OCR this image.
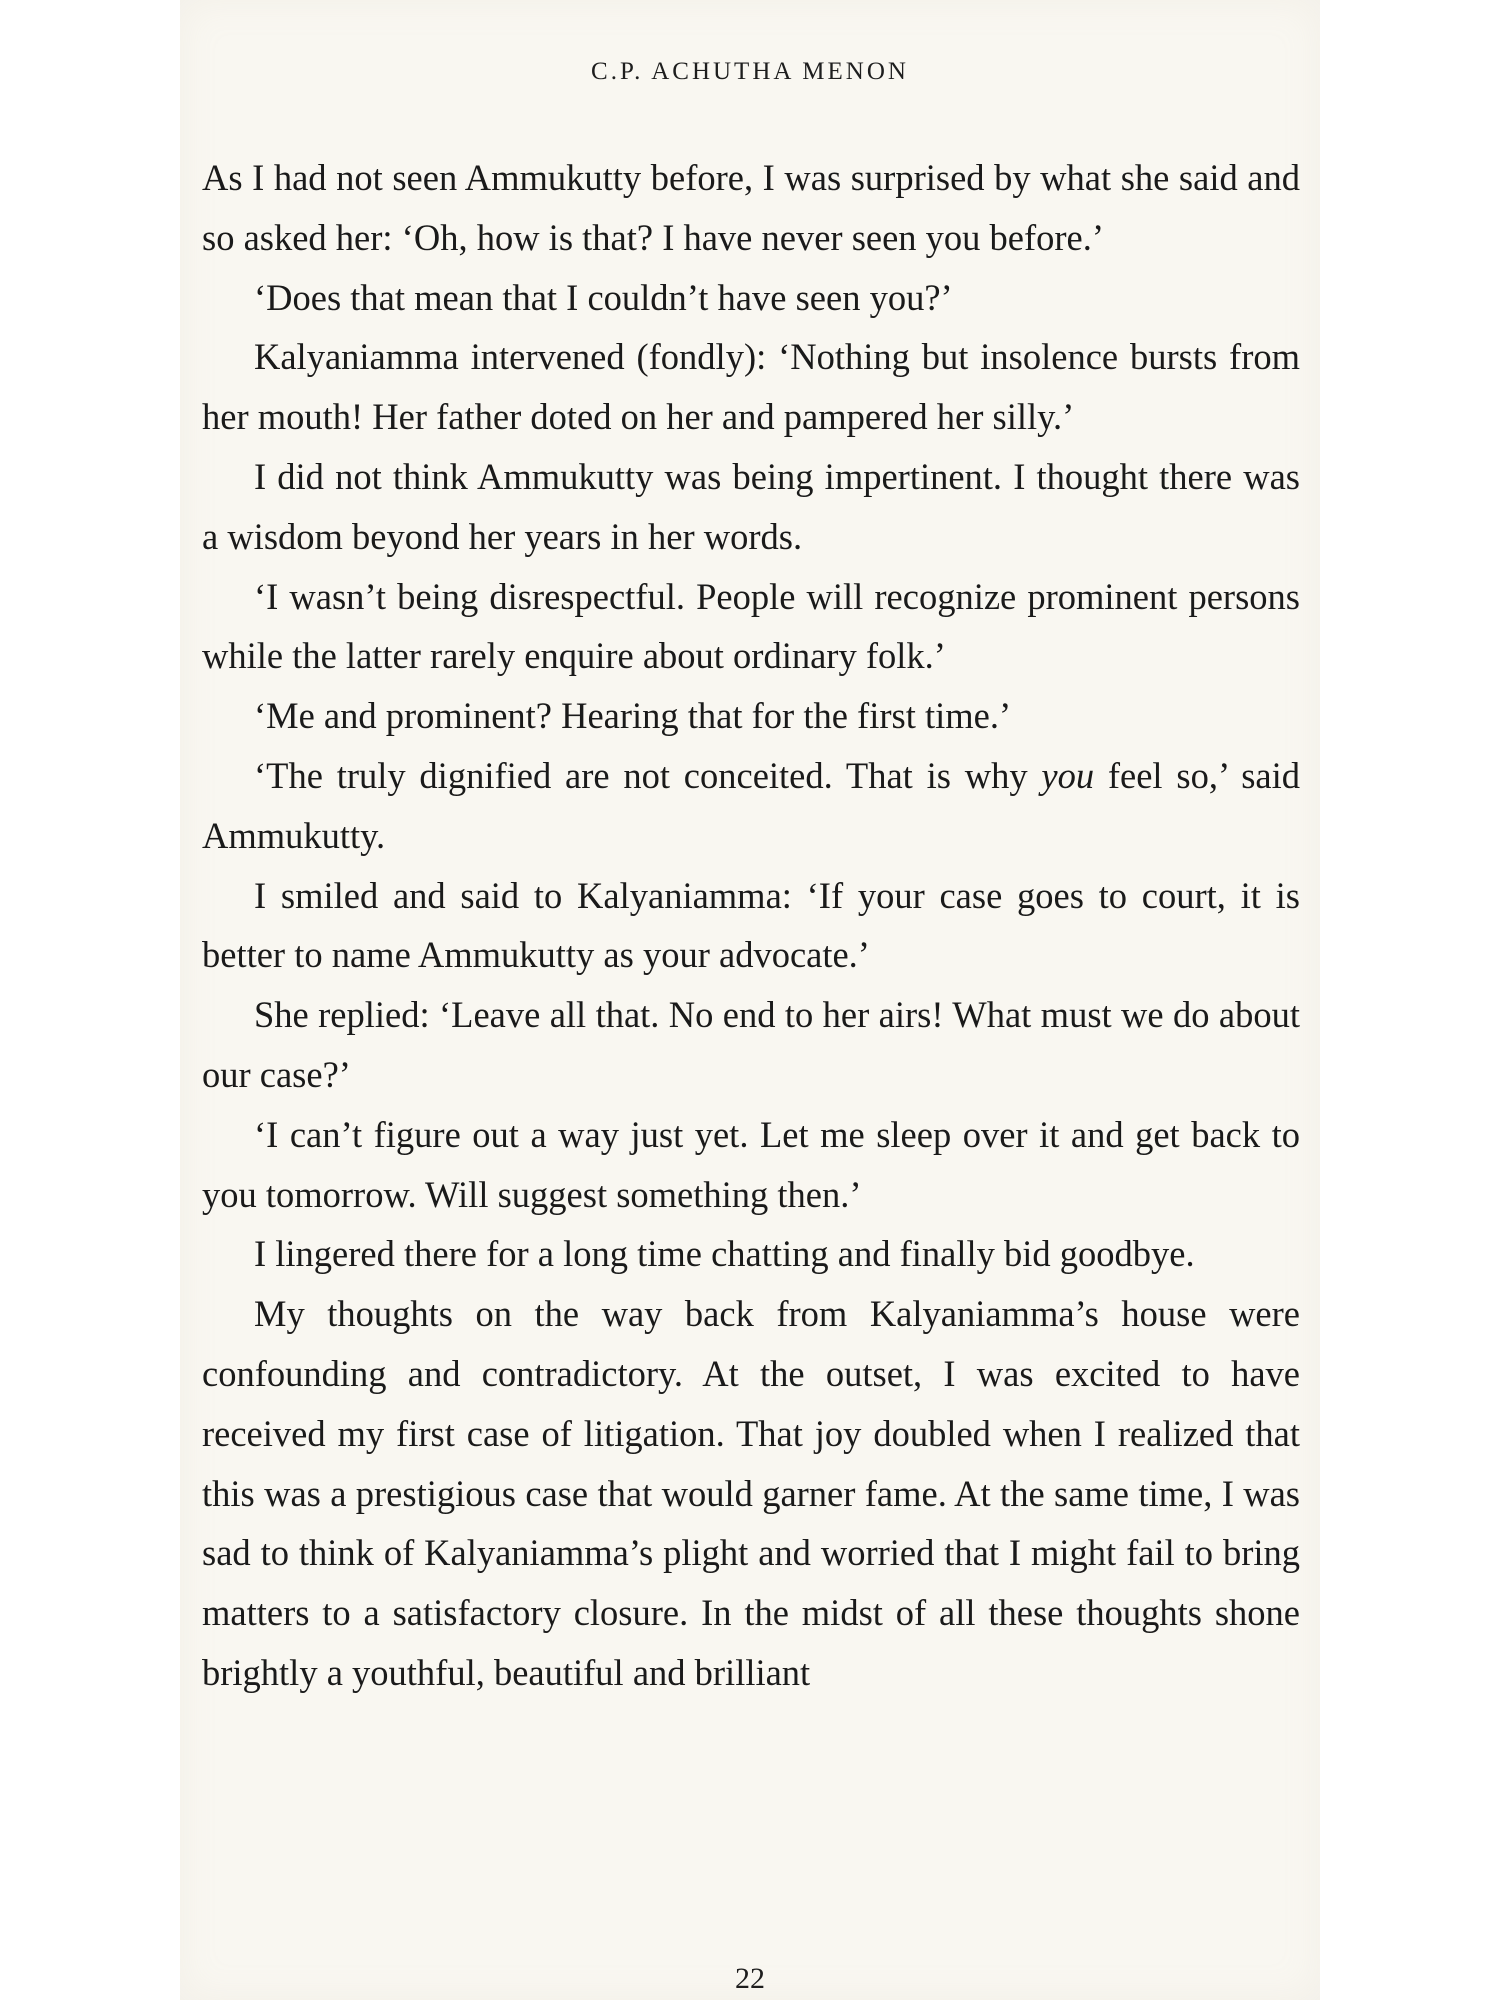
C.P. ACHUTHA MENON

As I had not seen Ammukutty before, I was surprised by what she said and so asked her: ‘Oh, how is that? I have never seen you before.’

‘Does that mean that I couldn’t have seen you?’

Kalyaniamma intervened (fondly): ‘Nothing but insolence bursts from her mouth! Her father doted on her and pampered her silly.’

I did not think Ammukutty was being impertinent. I thought there was a wisdom beyond her years in her words.

‘I wasn’t being disrespectful. People will recognize prominent persons while the latter rarely enquire about ordinary folk.’

‘Me and prominent? Hearing that for the first time.’

‘The truly dignified are not conceited. That is why you feel so,’ said Ammukutty.

I smiled and said to Kalyaniamma: ‘If your case goes to court, it is better to name Ammukutty as your advocate.’

She replied: ‘Leave all that. No end to her airs! What must we do about our case?’

‘I can’t figure out a way just yet. Let me sleep over it and get back to you tomorrow. Will suggest something then.’

I lingered there for a long time chatting and finally bid goodbye.

My thoughts on the way back from Kalyaniamma’s house were confounding and contradictory. At the outset, I was excited to have received my first case of litigation. That joy doubled when I realized that this was a prestigious case that would garner fame. At the same time, I was sad to think of Kalyaniamma’s plight and worried that I might fail to bring matters to a satisfactory closure. In the midst of all these thoughts shone brightly a youthful, beautiful and brilliant

22
